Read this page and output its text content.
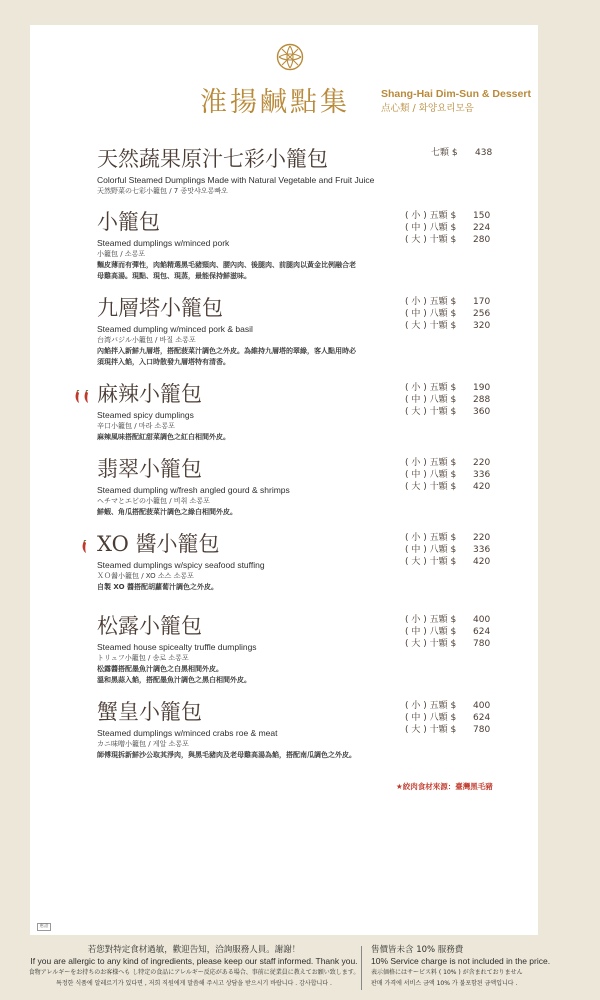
淮揚鹹點集	Shang-Hai Dim-Sun & Dessert
点心類 / 화양요리모음
天然蔬果原汁七彩小籠包
Colorful Steamed Dumplings Made with Natural Vegetable and Fruit Juice
天然野菜の七彩小籠包 / 7 종맛샤오롱빠오
七顆 $ 438
小籠包
Steamed dumplings w/minced pork
小籠包 / 소롱포
麵皮薄而有彈性，肉餡精選黑毛豬頸肉、腰內肉、後腿肉、前腿肉以黃金比例融合老
母雞高湯。現點、現包、現蒸，最能保持鮮滋味。
( 小 ) 五顆 $ 150
( 中 ) 八顆 $ 224
( 大 ) 十顆 $ 280
九層塔小籠包
Steamed dumpling w/minced pork & basil
台湾バジル小籠包 / 바질 소롱포
內餡拌入新鮮九層塔，搭配菠菜汁調色之外皮。為維持九層塔的翠綠，客人點用時必
須現拌入餡，入口時散發九層塔特有清香。
( 小 ) 五顆 $ 170
( 中 ) 八顆 $ 256
( 大 ) 十顆 $ 320
麻辣小籠包
Steamed spicy dumplings
辛口小籠包 / 마라 소롱포
麻辣風味搭配紅甜菜調色之紅白相間外皮。
( 小 ) 五顆 $ 190
( 中 ) 八顆 $ 288
( 大 ) 十顆 $ 360
翡翠小籠包
Steamed dumpling w/fresh angled gourd & shrimps
ヘチマとエビの小籠包 / 비취 소롱포
鮮蝦、角瓜搭配菠菜汁調色之綠白相間外皮。
( 小 ) 五顆 $ 220
( 中 ) 八顆 $ 336
( 大 ) 十顆 $ 420
XO 醬小籠包
Steamed dumplings w/spicy seafood stuffing
ＸＯ醤小籠包 / XO 소스 소롱포
自製 XO 醬搭配胡蘿蔔汁調色之外皮。
( 小 ) 五顆 $ 220
( 中 ) 八顆 $ 336
( 大 ) 十顆 $ 420
松露小籠包
Steamed house spicealty truffle dumplings
トリュフ小籠包 / 송로 소롱포
松露醬搭配墨魚汁調色之白黑相間外皮。
溫和黑蒜入餡，搭配墨魚汁調色之黑白相間外皮。
( 小 ) 五顆 $ 400
( 中 ) 八顆 $ 624
( 大 ) 十顆 $ 780
蟹皇小籠包
Steamed dumplings w/minced crabs roe & meat
カニ味噌小籠包 / 게알 소롱포
師傅現拆新鮮沙公取其淨肉，與黑毛豬肉及老母雞高湯為餡，搭配南瓜調色之外皮。
( 小 ) 五顆 $ 400
( 中 ) 八顆 $ 624
( 大 ) 十顆 $ 780
★絞肉食材來源：臺灣黑毛豬
惠語
若您對特定食材過敏，歡迎告知，洽詢服務人員。謝謝！
If you are allergic to any kind of ingredients, please keep our staff informed. Thank you.
食物アレルギーをお持ちのお客様へも し特定の食品にアレルギー反応がある場合、事前に従業員に教えてお願い致します。
특정한 식품에 알레르기가 있다면 , 저희 직원에게 말씀해 주시고 상담을 받으시기 바랍니다 . 감사합니다 .
售價皆未含 10% 服務費
10% Service charge is not included in the price.
表示価格にはサービス料 ( 10% ) が含まれておりません
판매 가격에 서비스 금액 10% 가 불포함된 금액입니다 .
